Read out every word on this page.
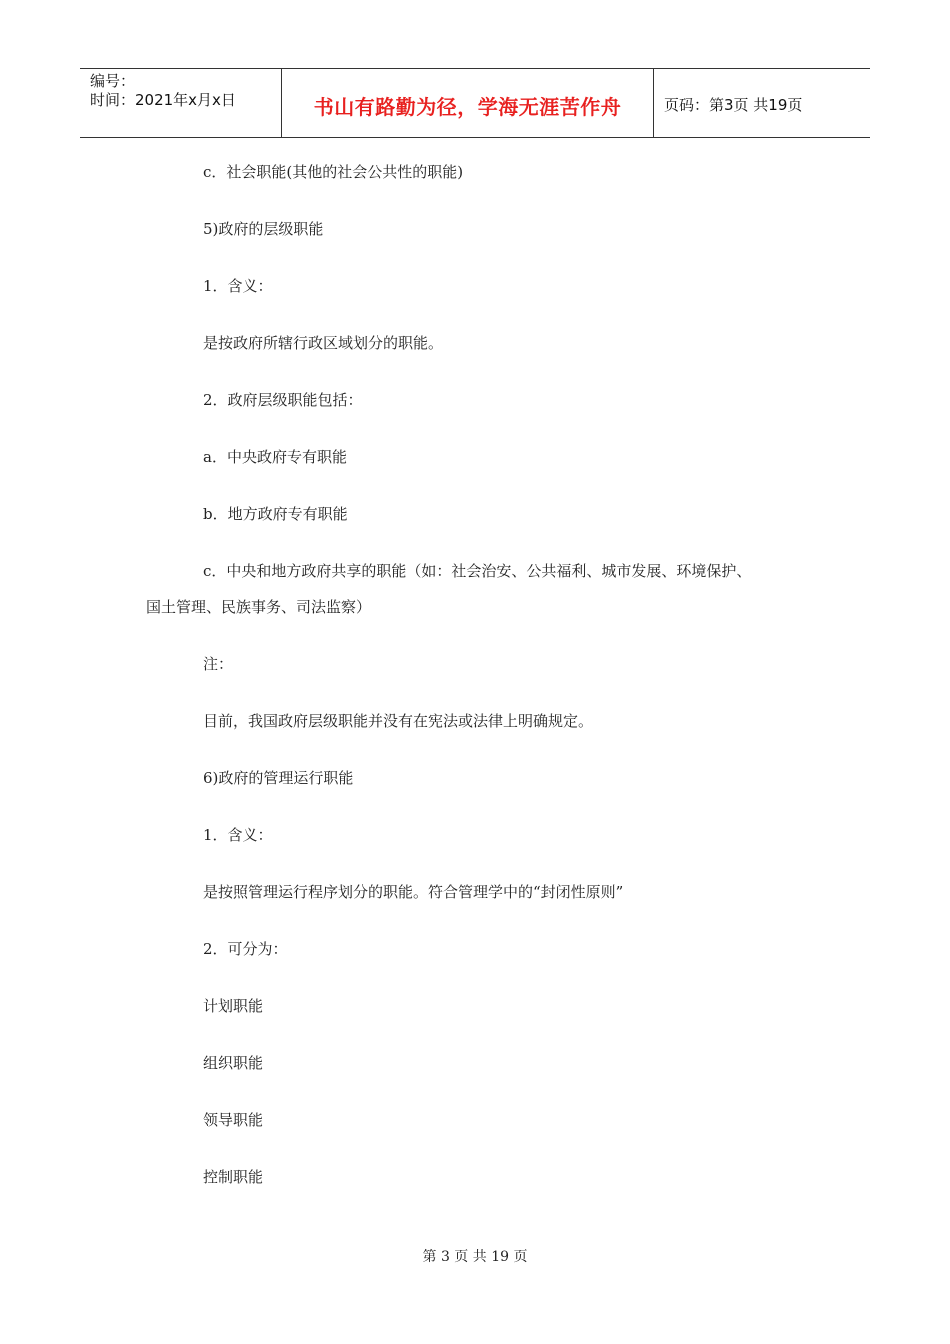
编号：
时间：2021年x月x日	书山有路勤为径，学海无涯苦作舟	页码：第3页 共19页
c．社会职能(其他的社会公共性的职能)
5)政府的层级职能
1．含义：
是按政府所辖行政区域划分的职能。
2．政府层级职能包括：
a．中央政府专有职能
b．地方政府专有职能
c．中央和地方政府共享的职能（如：社会治安、公共福利、城市发展、环境保护、
国土管理、民族事务、司法监察）
注：
目前，我国政府层级职能并没有在宪法或法律上明确规定。
6)政府的管理运行职能
1．含义：
是按照管理运行程序划分的职能。符合管理学中的“封闭性原则”
2．可分为：
计划职能
组织职能
领导职能
控制职能
第 3 页 共 19 页
